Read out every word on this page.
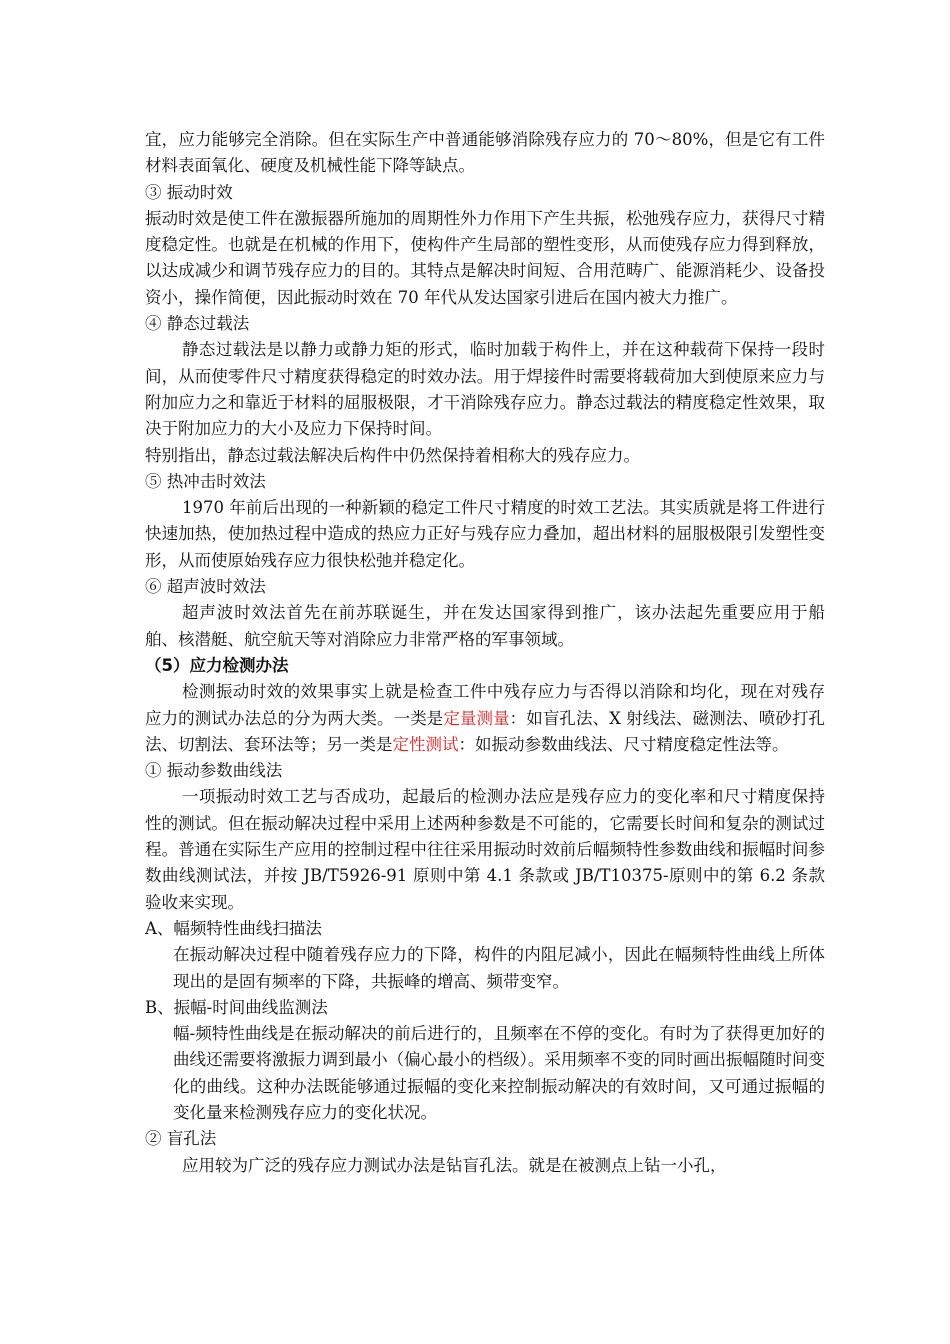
宜，应力能够完全消除。但在实际生产中普通能够消除残存应力的 70～80%，但是它有工件材料表面氧化、硬度及机械性能下降等缺点。

③ 振动时效

振动时效是使工件在激振器所施加的周期性外力作用下产生共振，松弛残存应力，获得尺寸精度稳定性。也就是在机械的作用下，使构件产生局部的塑性变形，从而使残存应力得到释放，以达成减少和调节残存应力的目的。其特点是解决时间短、合用范畴广、能源消耗少、设备投资小，操作简便，因此振动时效在 70 年代从发达国家引进后在国内被大力推广。

④ 静态过载法

静态过载法是以静力或静力矩的形式，临时加载于构件上，并在这种载荷下保持一段时间，从而使零件尺寸精度获得稳定的时效办法。用于焊接件时需要将载荷加大到使原来应力与附加应力之和靠近于材料的屈服极限，才干消除残存应力。静态过载法的精度稳定性效果，取决于附加应力的大小及应力下保持时间。

特别指出，静态过载法解决后构件中仍然保持着相称大的残存应力。

⑤ 热冲击时效法

1970 年前后出现的一种新颖的稳定工件尺寸精度的时效工艺法。其实质就是将工件进行快速加热，使加热过程中造成的热应力正好与残存应力叠加，超出材料的屈服极限引发塑性变形，从而使原始残存应力很快松弛并稳定化。

⑥ 超声波时效法

超声波时效法首先在前苏联诞生，并在发达国家得到推广，该办法起先重要应用于船舶、核潜艇、航空航天等对消除应力非常严格的军事领域。

（5）应力检测办法

检测振动时效的效果事实上就是检查工件中残存应力与否得以消除和均化，现在对残存应力的测试办法总的分为两大类。一类是定量测量：如盲孔法、X 射线法、磁测法、喷砂打孔法、切割法、套环法等；另一类是定性测试：如振动参数曲线法、尺寸精度稳定性法等。

① 振动参数曲线法

一项振动时效工艺与否成功，起最后的检测办法应是残存应力的变化率和尺寸精度保持性的测试。但在振动解决过程中采用上述两种参数是不可能的，它需要长时间和复杂的测试过程。普通在实际生产应用的控制过程中往往采用振动时效前后幅频特性参数曲线和振幅时间参数曲线测试法，并按 JB/T5926-91 原则中第 4.1 条款或 JB/T10375-原则中的第 6.2 条款验收来实现。

A、幅频特性曲线扫描法

在振动解决过程中随着残存应力的下降，构件的内阻尼减小，因此在幅频特性曲线上所体现出的是固有频率的下降，共振峰的增高、频带变窄。

B、振幅-时间曲线监测法

幅-频特性曲线是在振动解决的前后进行的，且频率在不停的变化。有时为了获得更加好的曲线还需要将激振力调到最小（偏心最小的档级）。采用频率不变的同时画出振幅随时间变化的曲线。这种办法既能够通过振幅的变化来控制振动解决的有效时间，又可通过振幅的变化量来检测残存应力的变化状况。

② 盲孔法

应用较为广泛的残存应力测试办法是钻盲孔法。就是在被测点上钻一小孔，
